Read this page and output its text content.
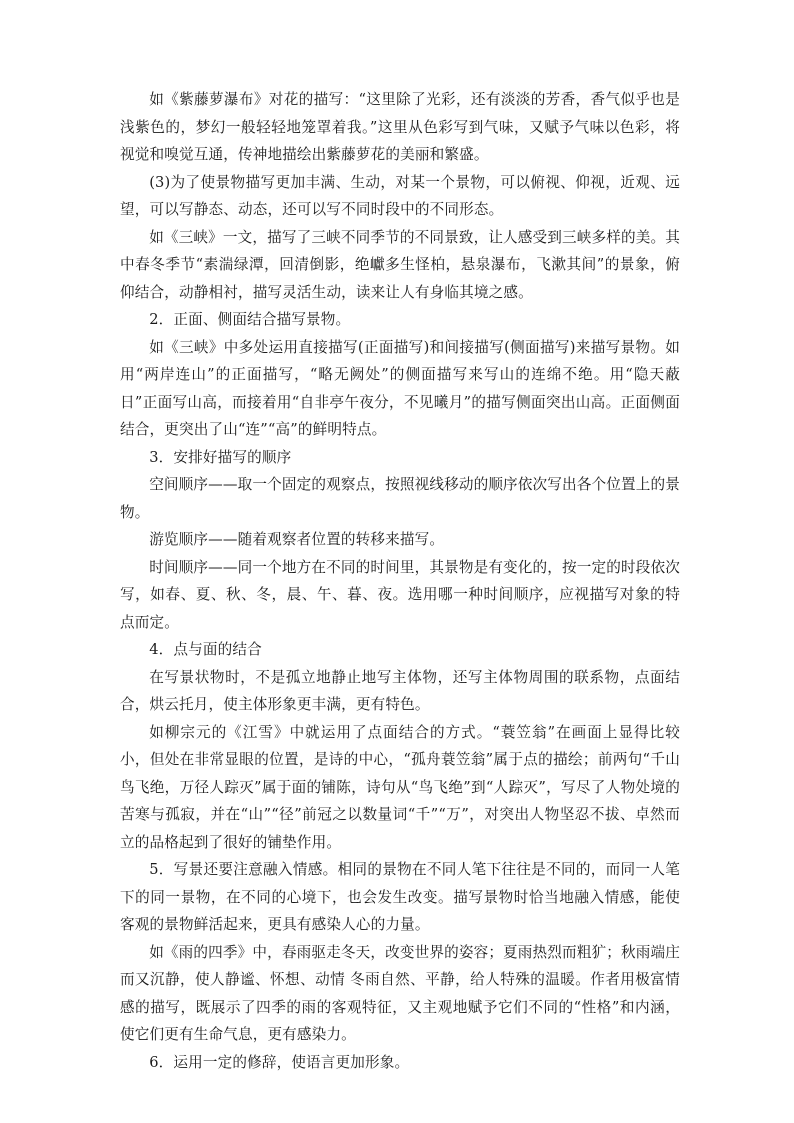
如《紫藤萝瀑布》对花的描写：“这里除了光彩，还有淡淡的芳香，香气似乎也是浅紫色的，梦幻一般轻轻地笼罩着我。”这里从色彩写到气味，又赋予气味以色彩，将视觉和嗅觉互通，传神地描绘出紫藤萝花的美丽和繁盛。

(3)为了使景物描写更加丰满、生动，对某一个景物，可以俯视、仰视，近观、远望，可以写静态、动态，还可以写不同时段中的不同形态。

如《三峡》一文，描写了三峡不同季节的不同景致，让人感受到三峡多样的美。其中春冬季节“素湍绿潭，回清倒影，绝巘多生怪柏，悬泉瀑布，飞漱其间”的景象，俯仰结合，动静相衬，描写灵活生动，读来让人有身临其境之感。

2．正面、侧面结合描写景物。

如《三峡》中多处运用直接描写(正面描写)和间接描写(侧面描写)来描写景物。如用“两岸连山”的正面描写，“略无阙处”的侧面描写来写山的连绵不绝。用“隐天蔽日”正面写山高，而接着用“自非亭午夜分，不见曦月”的描写侧面突出山高。正面侧面结合，更突出了山“连”“高”的鲜明特点。

3．安排好描写的顺序

空间顺序——取一个固定的观察点，按照视线移动的顺序依次写出各个位置上的景物。

游览顺序——随着观察者位置的转移来描写。

时间顺序——同一个地方在不同的时间里，其景物是有变化的，按一定的时段依次写，如春、夏、秋、冬，晨、午、暮、夜。选用哪一种时间顺序，应视描写对象的特点而定。

4．点与面的结合

在写景状物时，不是孤立地静止地写主体物，还写主体物周围的联系物，点面结合，烘云托月，使主体形象更丰满，更有特色。

如柳宗元的《江雪》中就运用了点面结合的方式。“蓑笠翁”在画面上显得比较小，但处在非常显眼的位置，是诗的中心，“孤舟蓑笠翁”属于点的描绘；前两句“千山鸟飞绝，万径人踪灭”属于面的铺陈，诗句从“鸟飞绝”到“人踪灭”，写尽了人物处境的苦寒与孤寂，并在“山”“径”前冠之以数量词“千”“万”，对突出人物坚忍不拔、卓然而立的品格起到了很好的铺垫作用。

5．写景还要注意融入情感。相同的景物在不同人笔下往往是不同的，而同一人笔下的同一景物，在不同的心境下，也会发生改变。描写景物时恰当地融入情感，能使客观的景物鲜活起来，更具有感染人心的力量。

如《雨的四季》中，春雨驱走冬天，改变世界的姿容；夏雨热烈而粗犷；秋雨端庄而又沉静，使人静谧、怀想、动情 冬雨自然、平静，给人特殊的温暖。作者用极富情感的描写，既展示了四季的雨的客观特征，又主观地赋予它们不同的“性格”和内涵，使它们更有生命气息，更有感染力。

6．运用一定的修辞，使语言更加形象。
